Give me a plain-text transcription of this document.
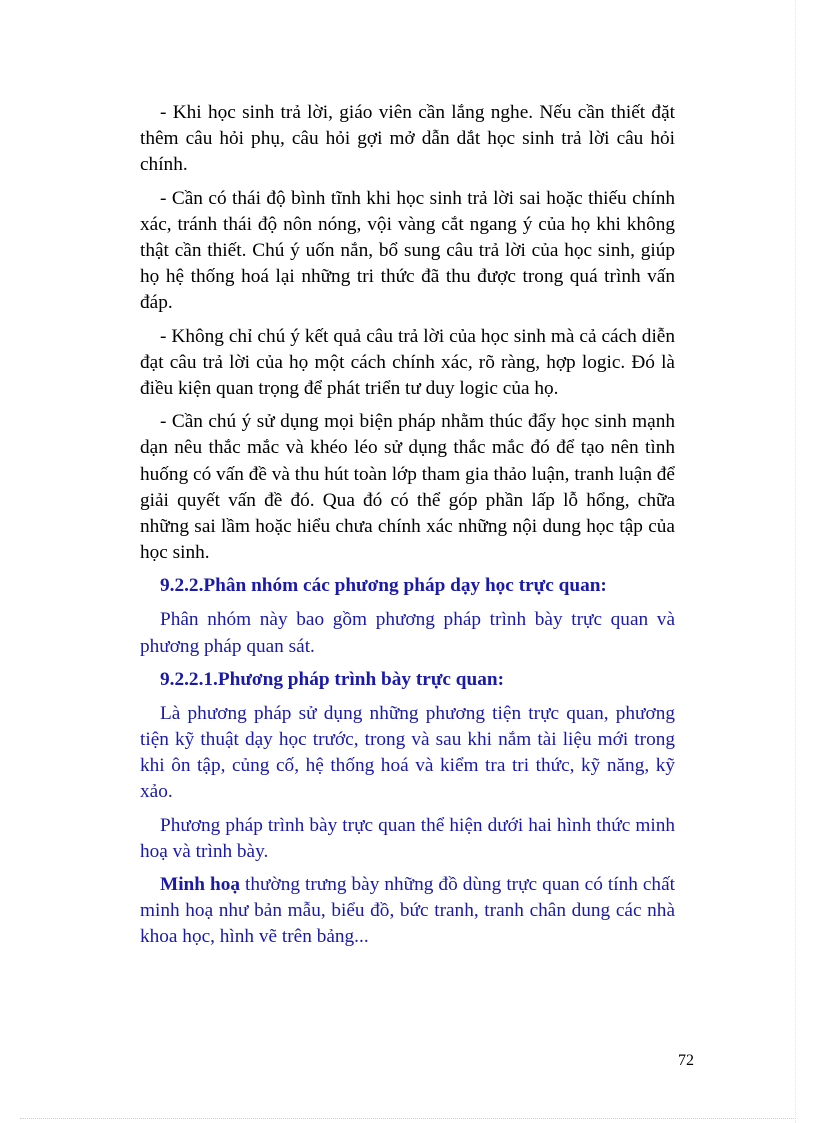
- Khi học sinh trả lời, giáo viên cần lắng nghe. Nếu cần thiết đặt thêm câu hỏi phụ, câu hỏi gợi mở dẫn dắt học sinh trả lời câu hỏi chính.

- Cần có thái độ bình tĩnh khi học sinh trả lời sai hoặc thiếu chính xác, tránh thái độ nôn nóng, vội vàng cắt ngang ý của họ khi không thật cần thiết. Chú ý uốn nắn, bổ sung câu trả lời của học sinh, giúp họ hệ thống hoá lại những tri thức đã thu được trong quá trình vấn đáp.

- Không chỉ chú ý kết quả câu trả lời của học sinh mà cả cách diễn đạt câu trả lời của họ một cách chính xác, rõ ràng, hợp logic. Đó là điều kiện quan trọng để phát triển tư duy logic của họ.

- Cần chú ý sử dụng mọi biện pháp nhằm thúc đẩy học sinh mạnh dạn nêu thắc mắc và khéo léo sử dụng thắc mắc đó để tạo nên tình huống có vấn đề và thu hút toàn lớp tham gia thảo luận, tranh luận để giải quyết vấn đề đó. Qua đó có thể góp phần lấp lỗ hổng, chữa những sai lầm hoặc hiểu chưa chính xác những nội dung học tập của học sinh.

9.2.2.Phân nhóm các phương pháp dạy học trực quan:

Phân nhóm này bao gồm phương pháp trình bày trực quan và phương pháp quan sát.

9.2.2.1.Phương pháp trình bày trực quan:

Là phương pháp sử dụng những phương tiện trực quan, phương tiện kỹ thuật dạy học trước, trong và sau khi nắm tài liệu mới trong khi ôn tập, củng cố, hệ thống hoá và kiểm tra tri thức, kỹ năng, kỹ xảo.

Phương pháp trình bày trực quan thể hiện dưới hai hình thức minh hoạ và trình bày.

Minh hoạ thường trưng bày những đồ dùng trực quan có tính chất minh hoạ như bản mẫu, biểu đồ, bức tranh, tranh chân dung các nhà khoa học, hình vẽ trên bảng...

72
